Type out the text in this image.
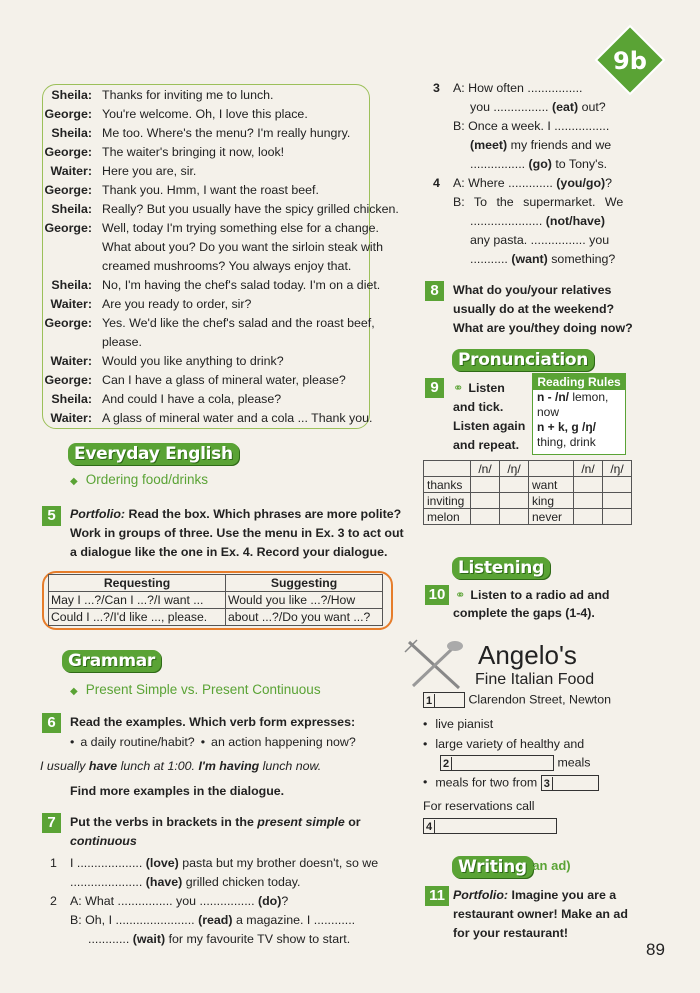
9b
Sheila: Thanks for inviting me to lunch.
George: You're welcome. Oh, I love this place.
Sheila: Me too. Where's the menu? I'm really hungry.
George: The waiter's bringing it now, look!
Waiter: Here you are, sir.
George: Thank you. Hmm, I want the roast beef.
Sheila: Really? But you usually have the spicy grilled chicken.
George: Well, today I'm trying something else for a change.
What about you? Do you want the sirloin steak with
creamed mushrooms? You always enjoy that.
Sheila: No, I'm having the chef's salad today. I'm on a diet.
Waiter: Are you ready to order, sir?
George: Yes. We'd like the chef's salad and the roast beef,
please.
Waiter: Would you like anything to drink?
George: Can I have a glass of mineral water, please?
Sheila: And could I have a cola, please?
Waiter: A glass of mineral water and a cola ... Thank you.
Everyday English
◆ Ordering food/drinks
5	Portfolio: Read the box. Which phrases are more polite?
Work in groups of three. Use the menu in Ex. 3 to act out
a dialogue like the one in Ex. 4. Record your dialogue.
Requesting	Suggesting
May I ...?/Can I ...?/I want ...	Would you like ...?/How
Could I ...?/I'd like ..., please.	about ...?/Do you want ...?
Grammar
◆ Present Simple vs. Present Continuous
6	Read the examples. Which verb form expresses:
• a daily routine/habit? • an action happening now?
I usually have lunch at 1:00. I'm having lunch now.
Find more examples in the dialogue.
7	Put the verbs in brackets in the present simple or
continuous
1 I ................... (love) pasta but my brother doesn't, so we
..................... (have) grilled chicken today.
2 A: What ................ you ................ (do)?
B: Oh, I ....................... (read) a magazine. I ............
............ (wait) for my favourite TV show to start.
3 A: How often ................
you ................ (eat) out?
B: Once a week. I ................
(meet) my friends and we
................ (go) to Tony's.
4 A: Where ............. (you/go)?
B: To the supermarket. We
..................... (not/have)
any pasta. ................ you
........... (want) something?
8	What do you/your relatives
usually do at the weekend?
What are you/they doing now?
Pronunciation
9	⚭ Listen
and tick.
Listen again
and repeat.
Reading Rules
n - /n/ lemon,
now
n + k, g /ŋ/
thing, drink
	/n/	/ŋ/		/n/	/ŋ/
thanks			want		
inviting			king		
melon			never		
Listening
10 ⚭ Listen to a radio ad and
complete the gaps (1-4).
Angelo's
Fine Italian Food
1	Clarendon Street, Newton
• live pianist
• large variety of healthy and
2	meals
• meals for two from 3
For reservations call
4
Writing (an ad)
11 Portfolio: Imagine you are a
restaurant owner! Make an ad
for your restaurant!
89
